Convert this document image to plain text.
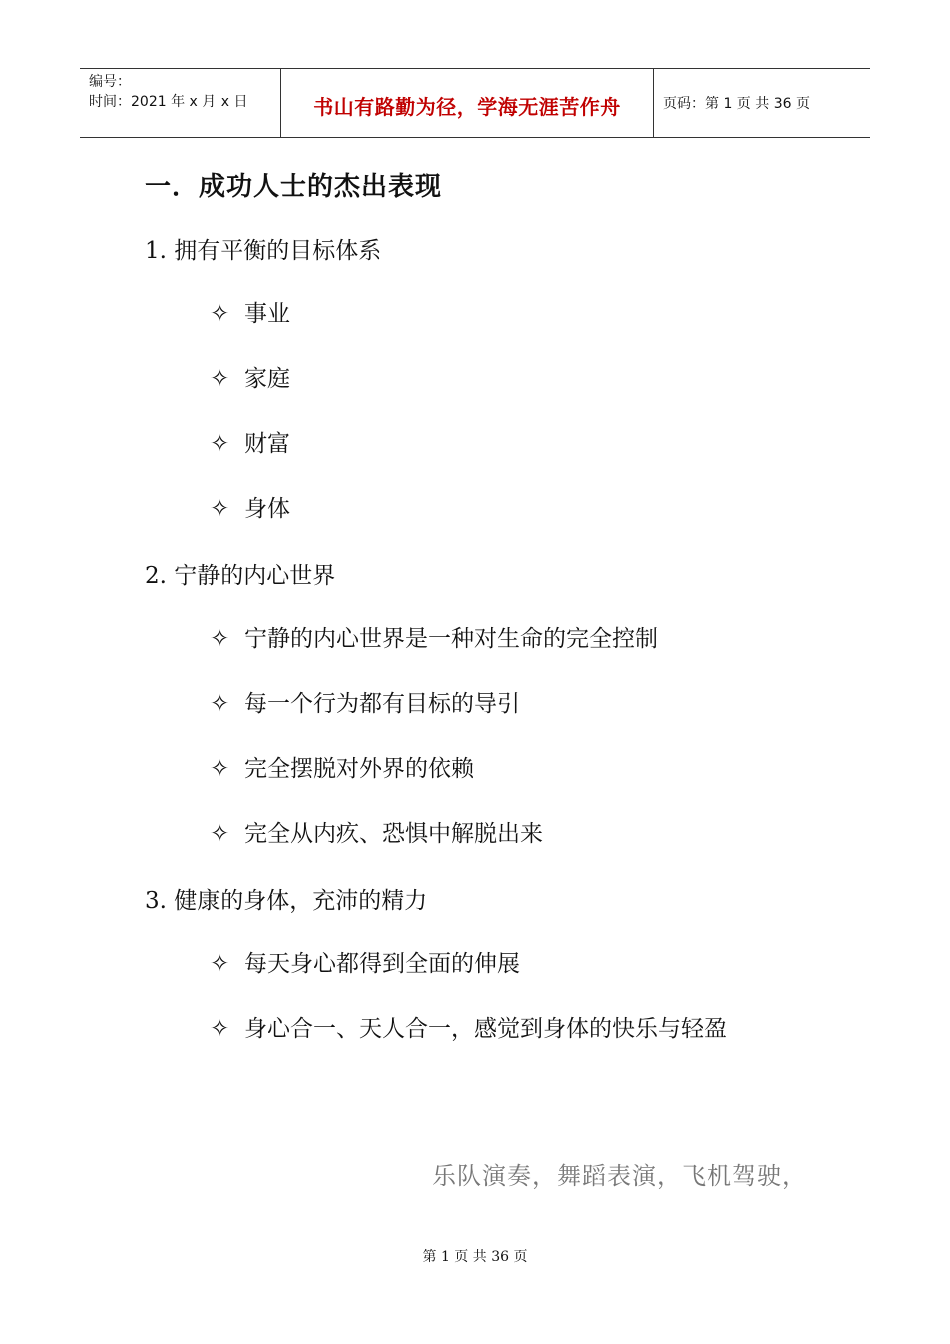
编号：
时间：2021 年 x 月 x 日	书山有路勤为径，学海无涯苦作舟	页码：第 1 页 共 36 页
一．成功人士的杰出表现
1. 拥有平衡的目标体系
✧ 事业
✧ 家庭
✧ 财富
✧ 身体
2. 宁静的内心世界
✧ 宁静的内心世界是一种对生命的完全控制
✧ 每一个行为都有目标的导引
✧ 完全摆脱对外界的依赖
✧ 完全从内疚、恐惧中解脱出来
3. 健康的身体，充沛的精力
✧ 每天身心都得到全面的伸展
✧ 身心合一、天人合一，感觉到身体的快乐与轻盈
乐队演奏，舞蹈表演，飞机驾驶，
第 1 页 共 36 页
